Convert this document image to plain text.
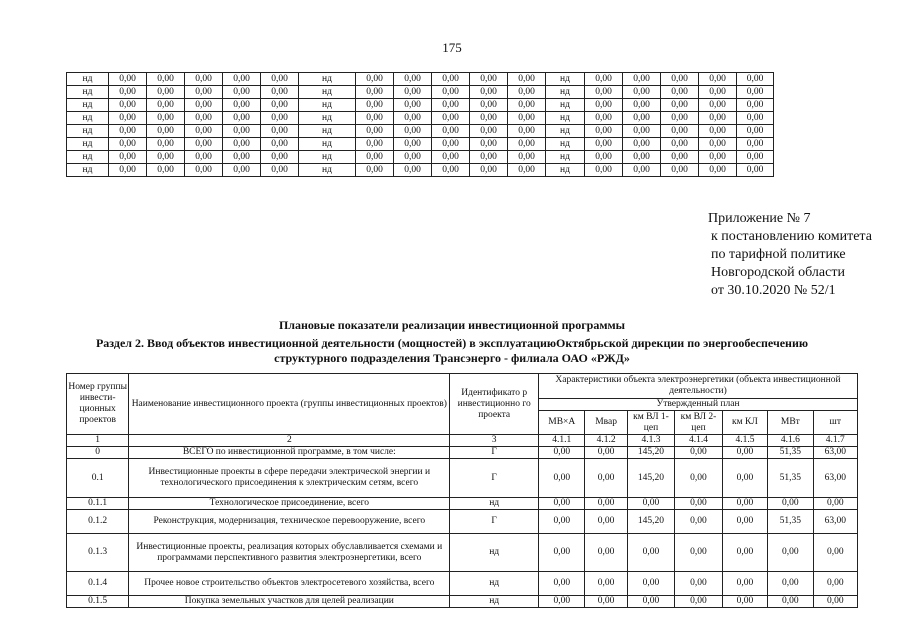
175
нд	0,00	0,00	0,00	0,00	0,00	нд	0,00	0,00	0,00	0,00	0,00	нд	0,00	0,00	0,00	0,00	0,00
нд	0,00	0,00	0,00	0,00	0,00	нд	0,00	0,00	0,00	0,00	0,00	нд	0,00	0,00	0,00	0,00	0,00
нд	0,00	0,00	0,00	0,00	0,00	нд	0,00	0,00	0,00	0,00	0,00	нд	0,00	0,00	0,00	0,00	0,00
нд	0,00	0,00	0,00	0,00	0,00	нд	0,00	0,00	0,00	0,00	0,00	нд	0,00	0,00	0,00	0,00	0,00
нд	0,00	0,00	0,00	0,00	0,00	нд	0,00	0,00	0,00	0,00	0,00	нд	0,00	0,00	0,00	0,00	0,00
нд	0,00	0,00	0,00	0,00	0,00	нд	0,00	0,00	0,00	0,00	0,00	нд	0,00	0,00	0,00	0,00	0,00
нд	0,00	0,00	0,00	0,00	0,00	нд	0,00	0,00	0,00	0,00	0,00	нд	0,00	0,00	0,00	0,00	0,00
нд	0,00	0,00	0,00	0,00	0,00	нд	0,00	0,00	0,00	0,00	0,00	нд	0,00	0,00	0,00	0,00	0,00
Приложение № 7
к постановлению комитета
по тарифной политике
Новгородской области
от 30.10.2020 № 52/1
Плановые показатели реализации инвестиционной программы
Раздел 2. Ввод объектов инвестиционной деятельности (мощностей) в эксплуатациюОктябрьской дирекции по энергообеспечению
структурного подразделения Трансэнерго - филиала ОАО «РЖД»
Номер группы инвести- ционных проектов	Наименование инвестиционного проекта (группы инвестиционных проектов)	Идентификато р инвестиционно го проекта	Характеристики объекта электроэнергетики (объекта инвестиционной деятельности)						
			Утвержденный план						
			МВ×А	Мвар	км ВЛ 1-цеп	км ВЛ 2-цеп	км КЛ	МВт	шт
1	2	3	4.1.1	4.1.2	4.1.3	4.1.4	4.1.5	4.1.6	4.1.7
0	ВСЕГО по инвестиционной программе, в том числе:	Г	0,00	0,00	145,20	0,00	0,00	51,35	63,00
0.1	Инвестиционные проекты в сфере передачи электрической энергии и технологического присоединения к электрическим сетям, всего	Г	0,00	0,00	145,20	0,00	0,00	51,35	63,00
0.1.1	Технологическое присоединение, всего	нд	0,00	0,00	0,00	0,00	0,00	0,00	0,00
0.1.2	Реконструкция, модернизация, техническое перевооружение, всего	Г	0,00	0,00	145,20	0,00	0,00	51,35	63,00
0.1.3	Инвестиционные проекты, реализация которых обуславливается схемами и программами перспективного развития электроэнергетики, всего	нд	0,00	0,00	0,00	0,00	0,00	0,00	0,00
0.1.4	Прочее новое строительство объектов электросетевого хозяйства, всего	нд	0,00	0,00	0,00	0,00	0,00	0,00	0,00
0.1.5	Покупка земельных участков для целей реализации	нд	0,00	0,00	0,00	0,00	0,00	0,00	0,00
